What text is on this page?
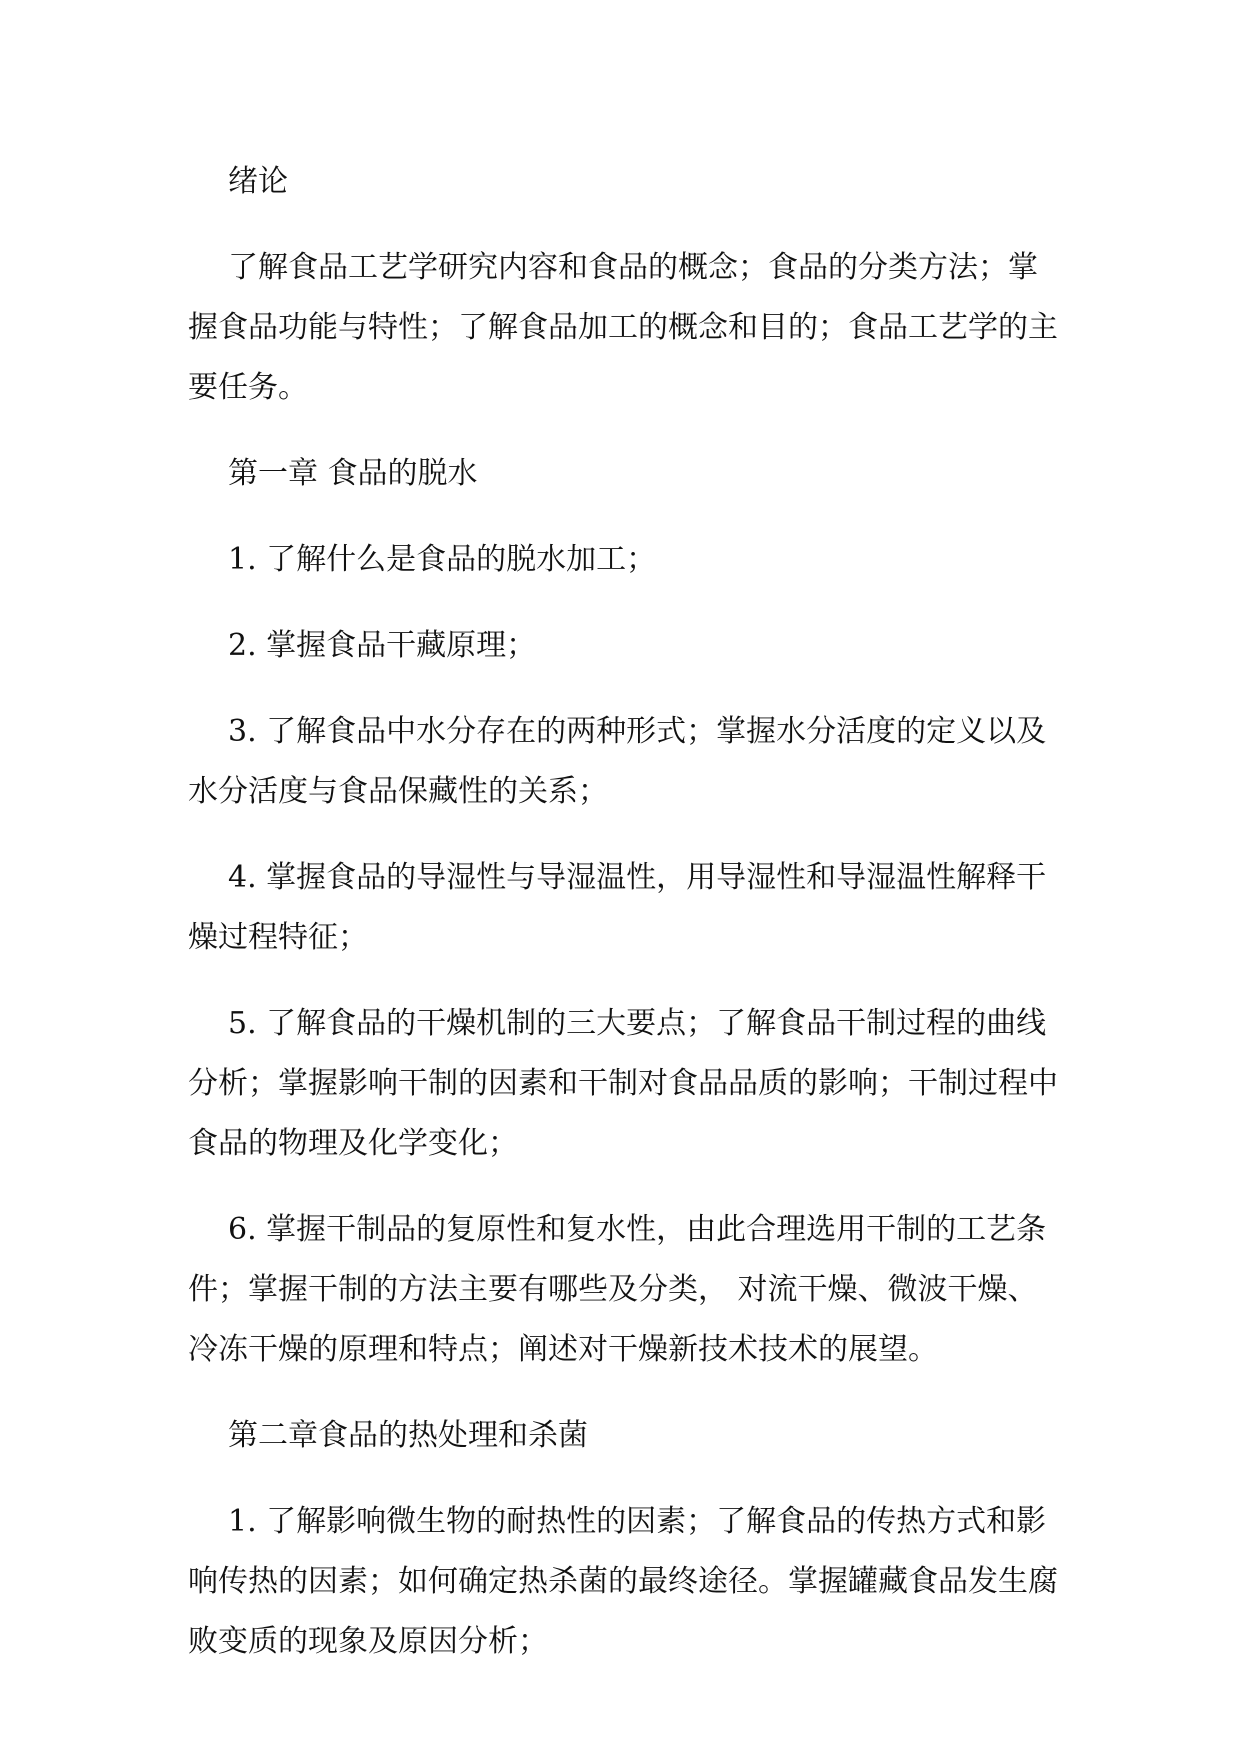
绪论

了解食品工艺学研究内容和食品的概念；食品的分类方法；掌握食品功能与特性；了解食品加工的概念和目的；食品工艺学的主要任务。

第一章 食品的脱水

1. 了解什么是食品的脱水加工；

2. 掌握食品干藏原理；

3. 了解食品中水分存在的两种形式；掌握水分活度的定义以及水分活度与食品保藏性的关系；

4. 掌握食品的导湿性与导湿温性，用导湿性和导湿温性解释干燥过程特征；

5. 了解食品的干燥机制的三大要点；了解食品干制过程的曲线分析；掌握影响干制的因素和干制对食品品质的影响；干制过程中食品的物理及化学变化；

6. 掌握干制品的复原性和复水性，由此合理选用干制的工艺条件；掌握干制的方法主要有哪些及分类， 对流干燥、微波干燥、冷冻干燥的原理和特点；阐述对干燥新技术技术的展望。

第二章食品的热处理和杀菌

1. 了解影响微生物的耐热性的因素；了解食品的传热方式和影响传热的因素；如何确定热杀菌的最终途径。掌握罐藏食品发生腐败变质的现象及原因分析；
